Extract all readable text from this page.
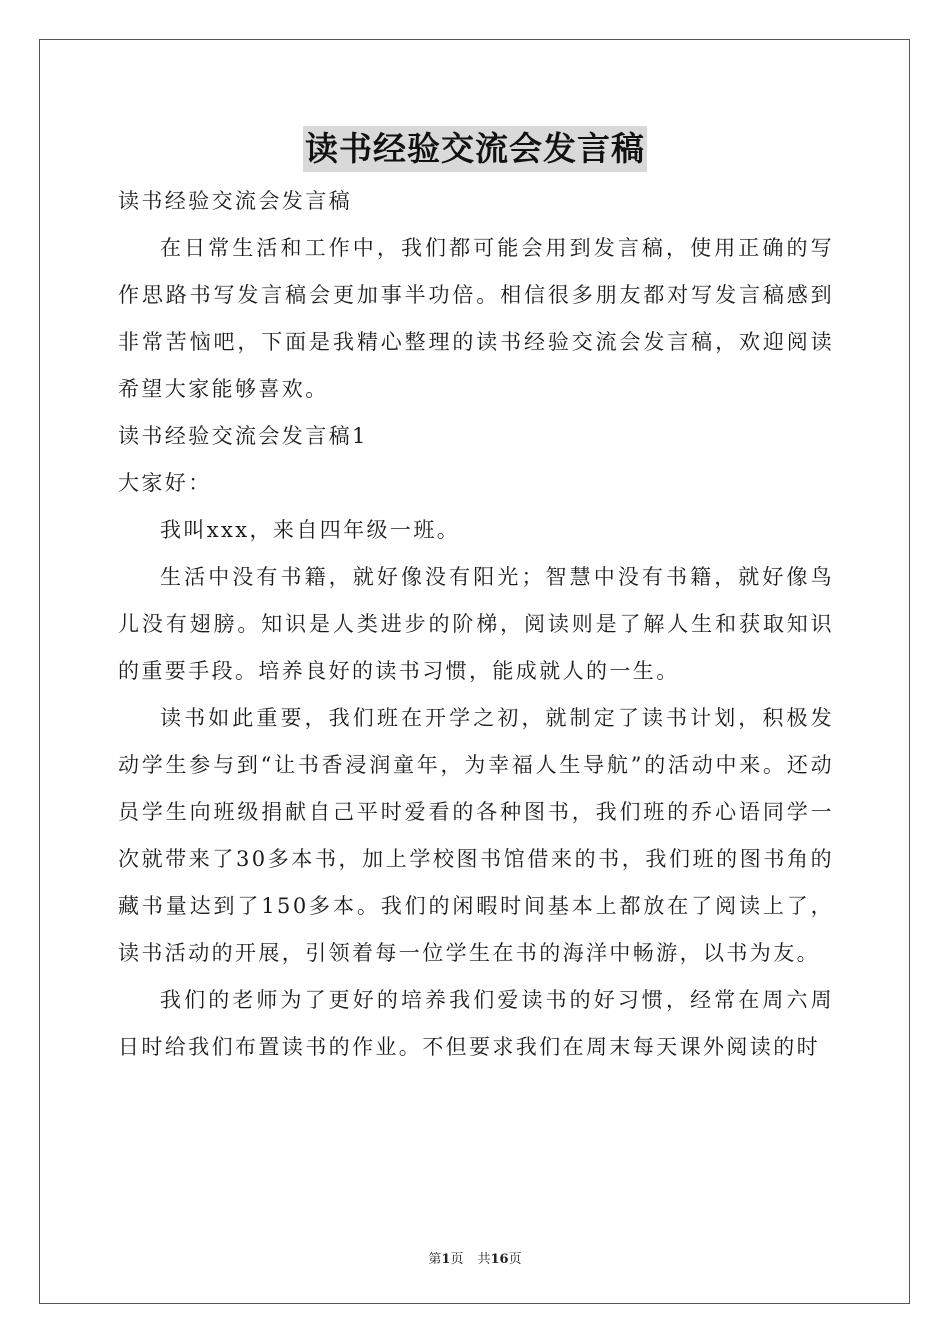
读书经验交流会发言稿

读书经验交流会发言稿

在日常生活和工作中，我们都可能会用到发言稿，使用正确的写作思路书写发言稿会更加事半功倍。相信很多朋友都对写发言稿感到非常苦恼吧，下面是我精心整理的读书经验交流会发言稿，欢迎阅读希望大家能够喜欢。

读书经验交流会发言稿1

大家好：

我叫xxx，来自四年级一班。

生活中没有书籍，就好像没有阳光；智慧中没有书籍，就好像鸟儿没有翅膀。知识是人类进步的阶梯，阅读则是了解人生和获取知识的重要手段。培养良好的读书习惯，能成就人的一生。

读书如此重要，我们班在开学之初，就制定了读书计划，积极发动学生参与到“让书香浸润童年，为幸福人生导航”的活动中来。还动员学生向班级捐献自己平时爱看的各种图书，我们班的乔心语同学一次就带来了30多本书，加上学校图书馆借来的书，我们班的图书角的藏书量达到了150多本。我们的闲暇时间基本上都放在了阅读上了，读书活动的开展，引领着每一位学生在书的海洋中畅游，以书为友。

我们的老师为了更好的培养我们爱读书的好习惯，经常在周六周日时给我们布置读书的作业。不但要求我们在周末每天课外阅读的时

第1页 共16页
